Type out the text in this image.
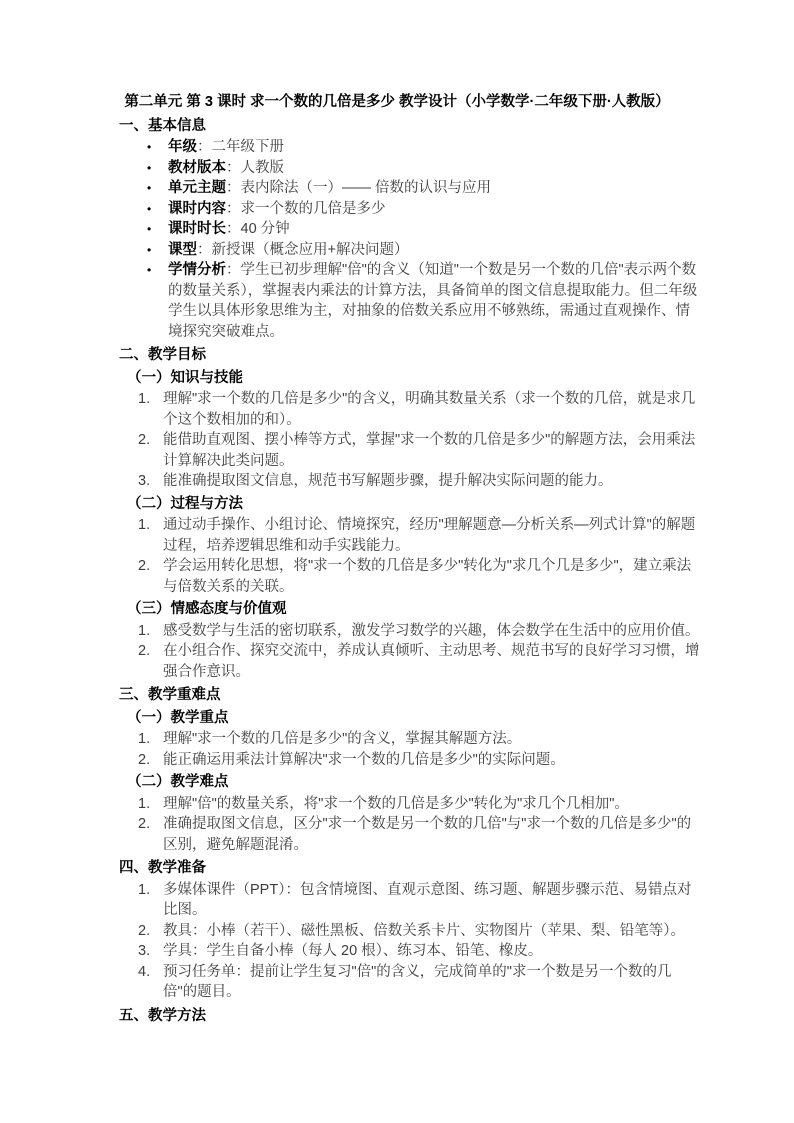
第二单元 第 3 课时 求一个数的几倍是多少 教学设计（小学数学·二年级下册·人教版）
一、基本信息
•	年级：二年级下册
•	教材版本：人教版
•	单元主题：表内除法（一）—— 倍数的认识与应用
•	课时内容：求一个数的几倍是多少
•	课时时长：40 分钟
•	课型：新授课（概念应用+解决问题）
•	学情分析：学生已初步理解"倍"的含义（知道"一个数是另一个数的几倍"表示两个数的数量关系），掌握表内乘法的计算方法，具备简单的图文信息提取能力。但二年级学生以具体形象思维为主，对抽象的倍数关系应用不够熟练，需通过直观操作、情境探究突破难点。
二、教学目标
（一）知识与技能
1. 理解"求一个数的几倍是多少"的含义，明确其数量关系（求一个数的几倍，就是求几个这个数相加的和）。
2. 能借助直观图、摆小棒等方式，掌握"求一个数的几倍是多少"的解题方法，会用乘法计算解决此类问题。
3. 能准确提取图文信息，规范书写解题步骤，提升解决实际问题的能力。
（二）过程与方法
1. 通过动手操作、小组讨论、情境探究，经历"理解题意—分析关系—列式计算"的解题过程，培养逻辑思维和动手实践能力。
2. 学会运用转化思想，将"求一个数的几倍是多少"转化为"求几个几是多少"，建立乘法与倍数关系的关联。
（三）情感态度与价值观
1. 感受数学与生活的密切联系，激发学习数学的兴趣，体会数学在生活中的应用价值。
2. 在小组合作、探究交流中，养成认真倾听、主动思考、规范书写的良好学习习惯，增强合作意识。
三、教学重难点
（一）教学重点
1. 理解"求一个数的几倍是多少"的含义，掌握其解题方法。
2. 能正确运用乘法计算解决"求一个数的几倍是多少"的实际问题。
（二）教学难点
1. 理解"倍"的数量关系，将"求一个数的几倍是多少"转化为"求几个几相加"。
2. 准确提取图文信息，区分"求一个数是另一个数的几倍"与"求一个数的几倍是多少"的区别，避免解题混淆。
四、教学准备
1. 多媒体课件（PPT）：包含情境图、直观示意图、练习题、解题步骤示范、易错点对比图。
2. 教具：小棒（若干）、磁性黑板、倍数关系卡片、实物图片（苹果、梨、铅笔等）。
3. 学具：学生自备小棒（每人 20 根）、练习本、铅笔、橡皮。
4. 预习任务单：提前让学生复习"倍"的含义，完成简单的"求一个数是另一个数的几倍"的题目。
五、教学方法
